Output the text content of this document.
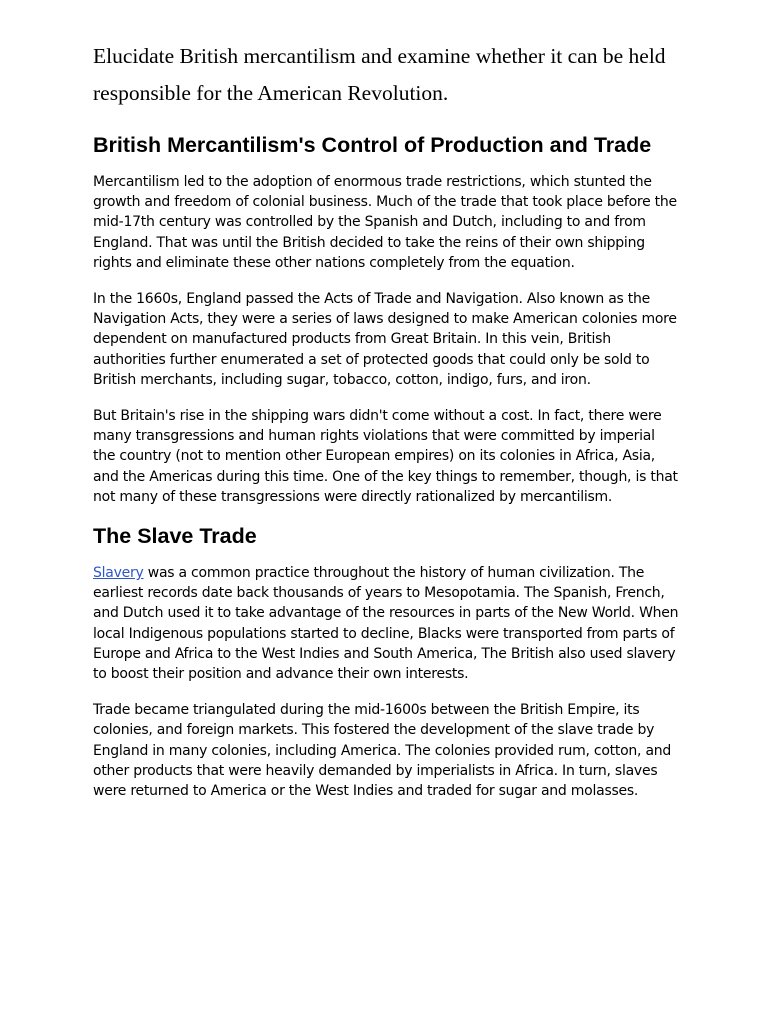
Elucidate British mercantilism and examine whether it can be held responsible for the American Revolution.

British Mercantilism's Control of Production and Trade

Mercantilism led to the adoption of enormous trade restrictions, which stunted the growth and freedom of colonial business. Much of the trade that took place before the mid-17th century was controlled by the Spanish and Dutch, including to and from England. That was until the British decided to take the reins of their own shipping rights and eliminate these other nations completely from the equation.

In the 1660s, England passed the Acts of Trade and Navigation. Also known as the Navigation Acts, they were a series of laws designed to make American colonies more dependent on manufactured products from Great Britain. In this vein, British authorities further enumerated a set of protected goods that could only be sold to British merchants, including sugar, tobacco, cotton, indigo, furs, and iron.

But Britain's rise in the shipping wars didn't come without a cost. In fact, there were many transgressions and human rights violations that were committed by imperial the country (not to mention other European empires) on its colonies in Africa, Asia, and the Americas during this time. One of the key things to remember, though, is that not many of these transgressions were directly rationalized by mercantilism.

The Slave Trade

Slavery was a common practice throughout the history of human civilization. The earliest records date back thousands of years to Mesopotamia. The Spanish, French, and Dutch used it to take advantage of the resources in parts of the New World. When local Indigenous populations started to decline, Blacks were transported from parts of Europe and Africa to the West Indies and South America, The British also used slavery to boost their position and advance their own interests.

Trade became triangulated during the mid-1600s between the British Empire, its colonies, and foreign markets. This fostered the development of the slave trade by England in many colonies, including America. The colonies provided rum, cotton, and other products that were heavily demanded by imperialists in Africa. In turn, slaves were returned to America or the West Indies and traded for sugar and molasses.
